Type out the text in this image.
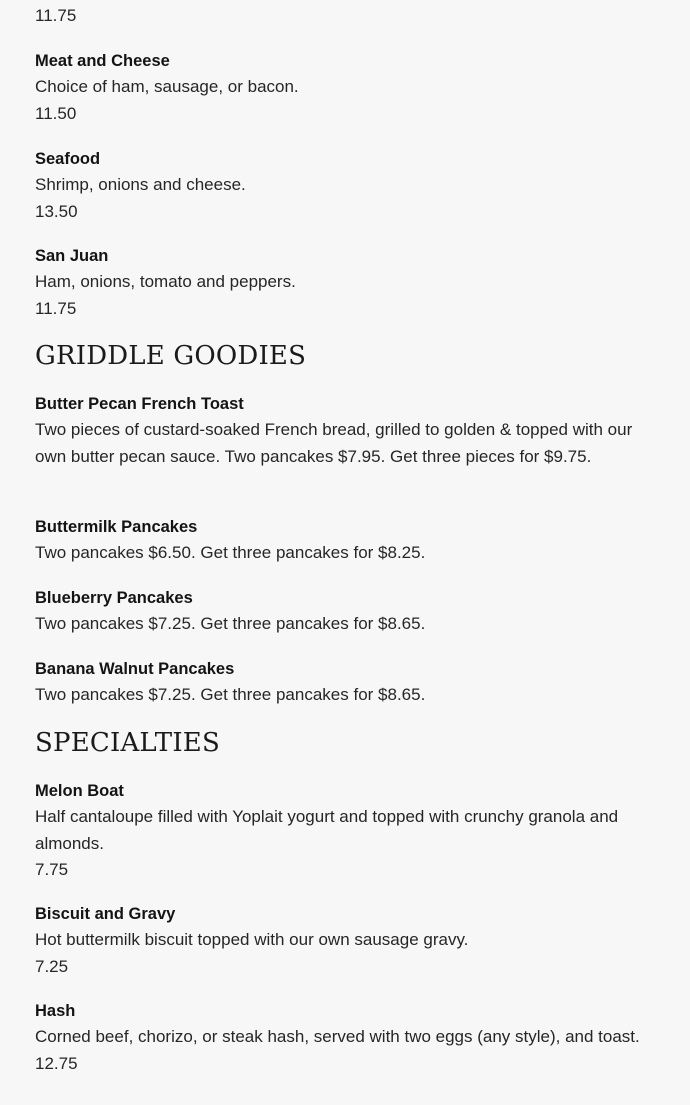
11.75
Meat and Cheese
Choice of ham, sausage, or bacon.
11.50
Seafood
Shrimp, onions and cheese.
13.50
San Juan
Ham, onions, tomato and peppers.
11.75
GRIDDLE GOODIES
Butter Pecan French Toast
Two pieces of custard-soaked French bread, grilled to golden & topped with our own butter pecan sauce. Two pancakes $7.95. Get three pieces for $9.75.
Buttermilk Pancakes
Two pancakes $6.50. Get three pancakes for $8.25.
Blueberry Pancakes
Two pancakes $7.25. Get three pancakes for $8.65.
Banana Walnut Pancakes
Two pancakes $7.25. Get three pancakes for $8.65.
SPECIALTIES
Melon Boat
Half cantaloupe filled with Yoplait yogurt and topped with crunchy granola and almonds.
7.75
Biscuit and Gravy
Hot buttermilk biscuit topped with our own sausage gravy.
7.25
Hash
Corned beef, chorizo, or steak hash, served with two eggs (any style), and toast.
12.75
